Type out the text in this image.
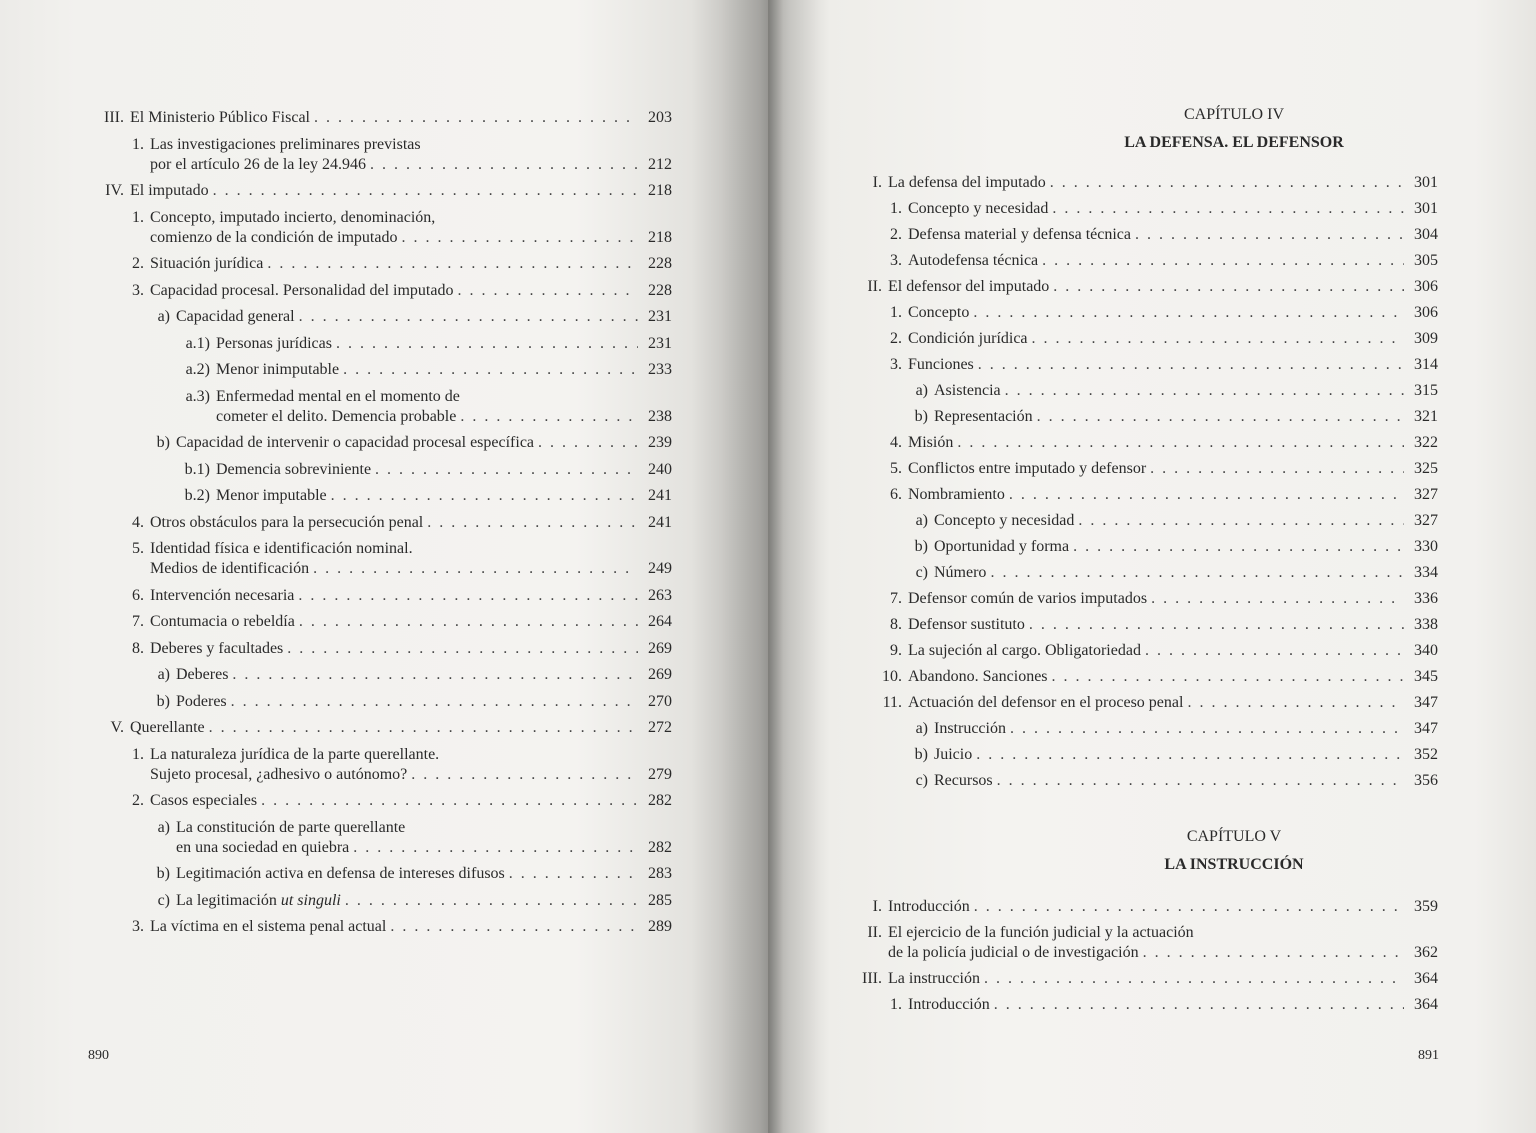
III. El Ministerio Público Fiscal . . .	203
1. Las investigaciones preliminares previstas
por el artículo 26 de la ley 24.946 . . .	212
IV. El imputado . . .	218
1. Concepto, imputado incierto, denominación,
comienzo de la condición de imputado . . .	218
2. Situación jurídica . . .	228
3. Capacidad procesal. Personalidad del imputado . . .	228
a) Capacidad general . . .	231
a.1) Personas jurídicas . . .	231
a.2) Menor inimputable . . .	233
a.3) Enfermedad mental en el momento de
cometer el delito. Demencia probable . . .	238
b) Capacidad de intervenir o capacidad procesal específica . . .	239
b.1) Demencia sobreviniente . . .	240
b.2) Menor imputable . . .	241
4. Otros obstáculos para la persecución penal . . .	241
5. Identidad física e identificación nominal.
Medios de identificación . . .	249
6. Intervención necesaria . . .	263
7. Contumacia o rebeldía . . .	264
8. Deberes y facultades . . .	269
a) Deberes . . .	269
b) Poderes . . .	270
V. Querellante . . .	272
1. La naturaleza jurídica de la parte querellante.
Sujeto procesal, ¿adhesivo o autónomo? . . .	279
2. Casos especiales . . .	282
a) La constitución de parte querellante
en una sociedad en quiebra . . .	282
b) Legitimación activa en defensa de intereses difusos . . .	283
c) La legitimación ut singuli . . .	285
3. La víctima en el sistema penal actual . . .	289
890
CAPÍTULO IV
LA DEFENSA. EL DEFENSOR
I. La defensa del imputado . . .	301
1. Concepto y necesidad . . .	301
2. Defensa material y defensa técnica . . .	304
3. Autodefensa técnica . . .	305
II. El defensor del imputado . . .	306
1. Concepto . . .	306
2. Condición jurídica . . .	309
3. Funciones . . .	314
a) Asistencia . . .	315
b) Representación . . .	321
4. Misión . . .	322
5. Conflictos entre imputado y defensor . . .	325
6. Nombramiento . . .	327
a) Concepto y necesidad . . .	327
b) Oportunidad y forma . . .	330
c) Número . . .	334
7. Defensor común de varios imputados . . .	336
8. Defensor sustituto . . .	338
9. La sujeción al cargo. Obligatoriedad . . .	340
10. Abandono. Sanciones . . .	345
11. Actuación del defensor en el proceso penal . . .	347
a) Instrucción . . .	347
b) Juicio . . .	352
c) Recursos . . .	356
CAPÍTULO V
LA INSTRUCCIÓN
I. Introducción . . .	359
II. El ejercicio de la función judicial y la actuación
de la policía judicial o de investigación . . .	362
III. La instrucción . . .	364
1. Introducción . . .	364
891
